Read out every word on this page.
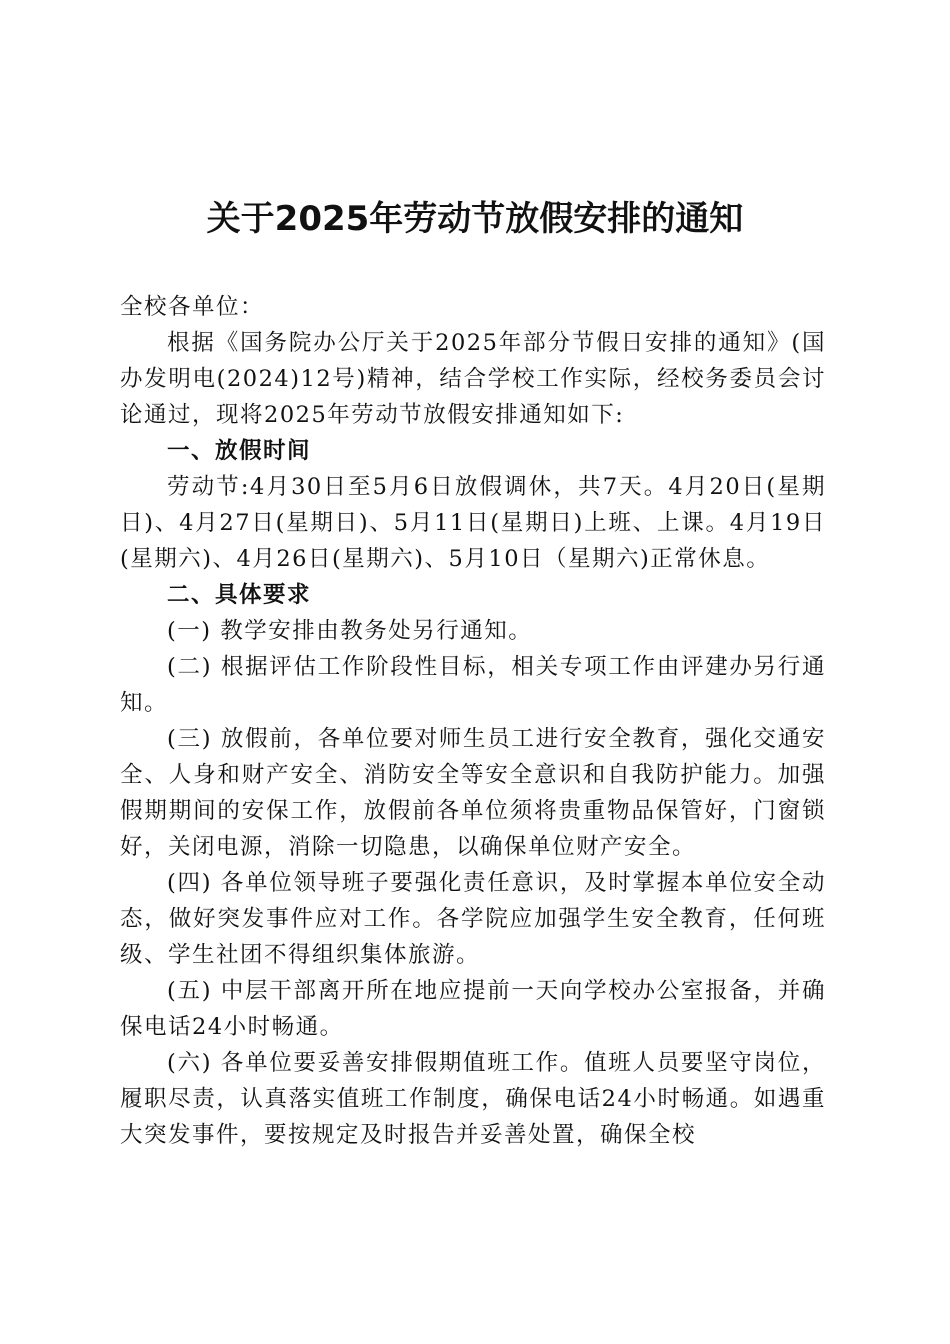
关于2025年劳动节放假安排的通知

全校各单位：

根据《国务院办公厅关于2025年部分节假日安排的通知》(国办发明电(2024)12号)精神，结合学校工作实际，经校务委员会讨论通过，现将2025年劳动节放假安排通知如下:

一、放假时间

劳动节:4月30日至5月6日放假调休，共7天。4月20日(星期日)、4月27日(星期日)、5月11日(星期日)上班、上课。4月19日(星期六)、4月26日(星期六)、5月10日（星期六)正常休息。

二、具体要求

(一) 教学安排由教务处另行通知。

(二) 根据评估工作阶段性目标，相关专项工作由评建办另行通知。

(三) 放假前，各单位要对师生员工进行安全教育，强化交通安全、人身和财产安全、消防安全等安全意识和自我防护能力。加强假期期间的安保工作，放假前各单位须将贵重物品保管好，门窗锁好，关闭电源，消除一切隐患，以确保单位财产安全。

(四) 各单位领导班子要强化责任意识，及时掌握本单位安全动态，做好突发事件应对工作。各学院应加强学生安全教育，任何班级、学生社团不得组织集体旅游。

(五) 中层干部离开所在地应提前一天向学校办公室报备，并确保电话24小时畅通。

(六) 各单位要妥善安排假期值班工作。值班人员要坚守岗位，履职尽责，认真落实值班工作制度，确保电话24小时畅通。如遇重大突发事件，要按规定及时报告并妥善处置，确保全校
